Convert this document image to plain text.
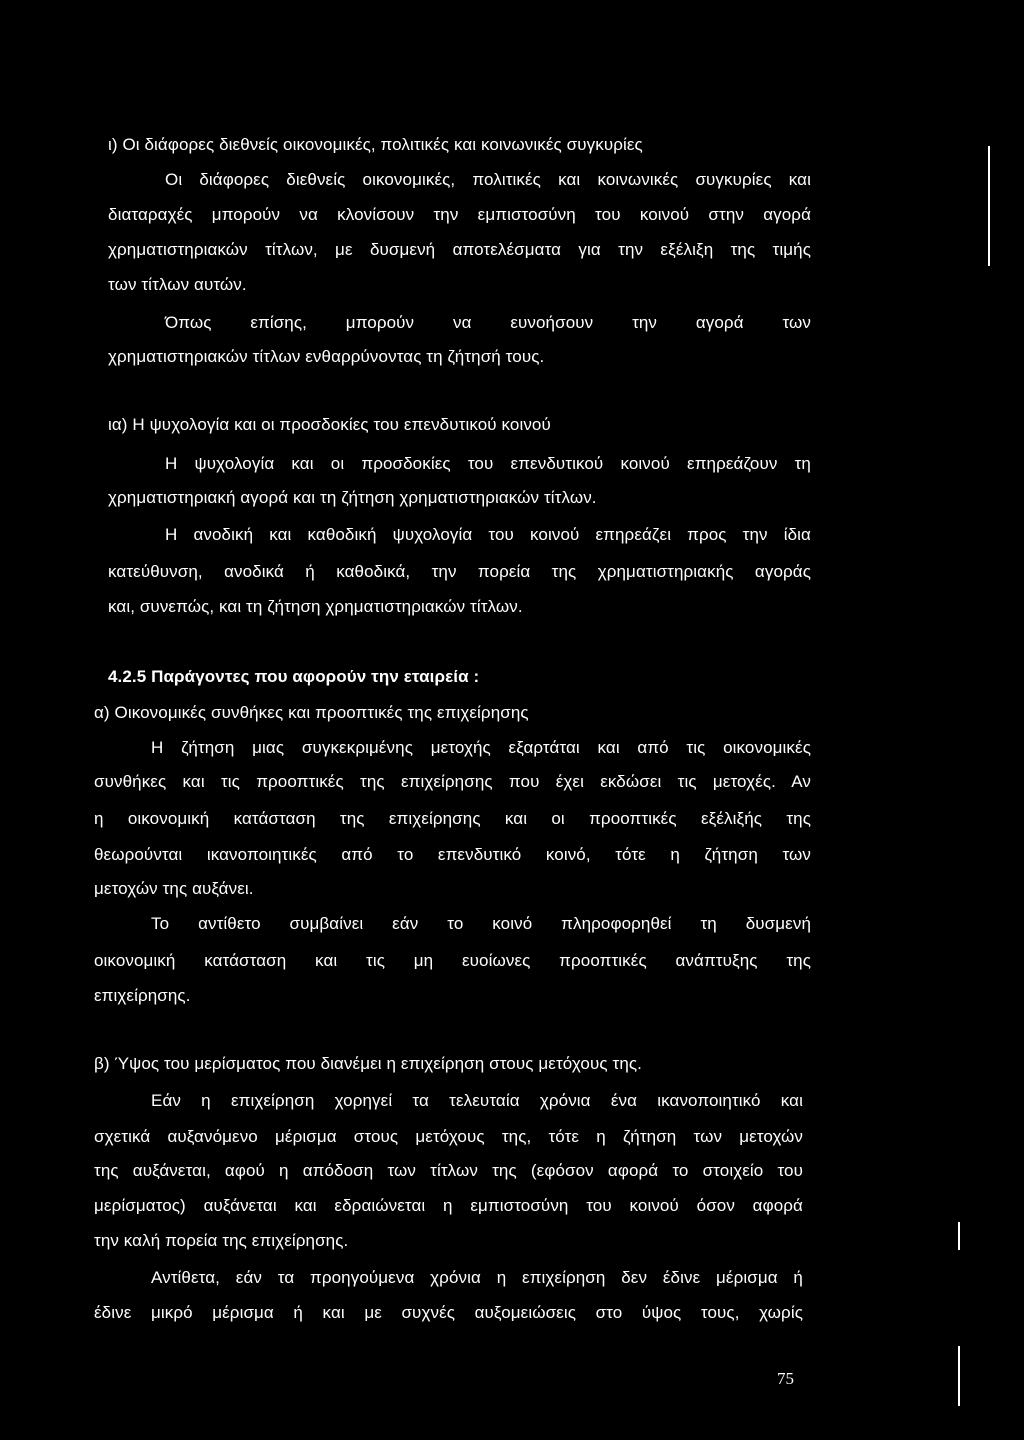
ι) Οι διάφορες διεθνείς οικονομικές, πολιτικές και κοινωνικές συγκυρίες
Οι διάφορες διεθνείς οικονομικές, πολιτικές και κοινωνικές συγκυρίες και
διαταραχές μπορούν να κλονίσουν την εμπιστοσύνη του κοινού στην αγορά
χρηματιστηριακών τίτλων, με δυσμενή αποτελέσματα για την εξέλιξη της τιμής
των τίτλων αυτών.
Όπως επίσης, μπορούν να ευνοήσουν την αγορά των
χρηματιστηριακών τίτλων ενθαρρύνοντας τη ζήτησή τους.
ια) Η ψυχολογία και οι προσδοκίες του επενδυτικού κοινού
Η ψυχολογία και οι προσδοκίες του επενδυτικού κοινού επηρεάζουν τη
χρηματιστηριακή αγορά και τη ζήτηση χρηματιστηριακών τίτλων.
Η ανοδική και καθοδική ψυχολογία του κοινού επηρεάζει προς την ίδια
κατεύθυνση, ανοδικά ή καθοδικά, την πορεία της χρηματιστηριακής αγοράς
και, συνεπώς, και τη ζήτηση χρηματιστηριακών τίτλων.
4.2.5 Παράγοντες που αφορούν την εταιρεία :
α) Οικονομικές συνθήκες και προοπτικές της επιχείρησης
Η ζήτηση μιας συγκεκριμένης μετοχής εξαρτάται και από τις οικονομικές
συνθήκες και τις προοπτικές της επιχείρησης που έχει εκδώσει τις μετοχές. Αν
η οικονομική κατάσταση της επιχείρησης και οι προοπτικές εξέλιξής της
θεωρούνται ικανοποιητικές από το επενδυτικό κοινό, τότε η ζήτηση των
μετοχών της αυξάνει.
Το αντίθετο συμβαίνει εάν το κοινό πληροφορηθεί τη δυσμενή
οικονομική κατάσταση και τις μη ευοίωνες προοπτικές ανάπτυξης της
επιχείρησης.
β) Ύψος του μερίσματος που διανέμει η επιχείρηση στους μετόχους της.
Εάν η επιχείρηση χορηγεί τα τελευταία χρόνια ένα ικανοποιητικό και
σχετικά αυξανόμενο μέρισμα στους μετόχους της, τότε η ζήτηση των μετοχών
της αυξάνεται, αφού η απόδοση των τίτλων της (εφόσον αφορά το στοιχείο του
μερίσματος) αυξάνεται και εδραιώνεται η εμπιστοσύνη του κοινού όσον αφορά
την καλή πορεία της επιχείρησης.
Αντίθετα, εάν τα προηγούμενα χρόνια η επιχείρηση δεν έδινε μέρισμα ή
έδινε μικρό μέρισμα ή και με συχνές αυξομειώσεις στο ύψος τους, χωρίς
75
